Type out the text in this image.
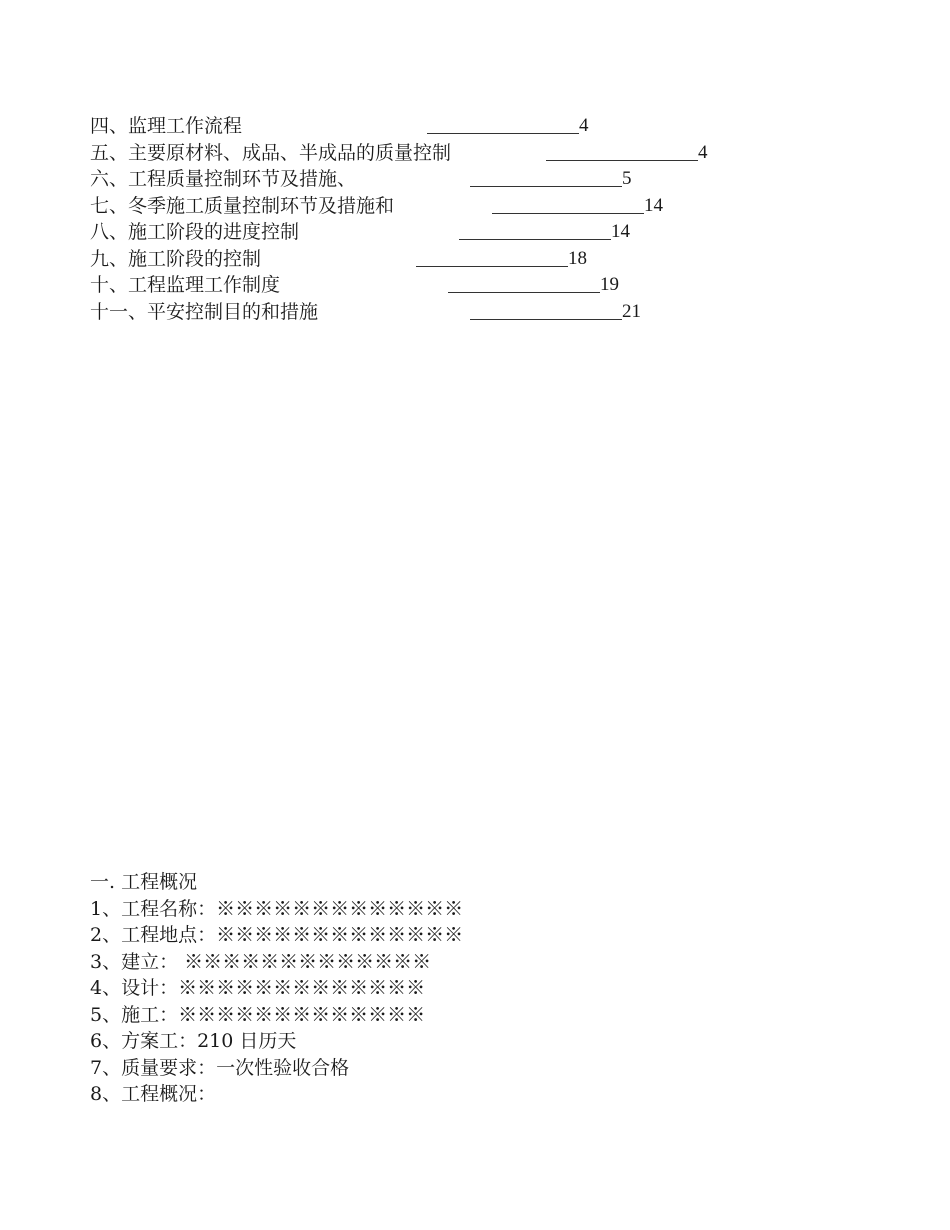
四、监理工作流程	4
五、主要原材料、成品、半成品的质量控制	4
六、工程质量控制环节及措施、	5
七、冬季施工质量控制环节及措施和	14
八、施工阶段的进度控制	14
九、施工阶段的控制	18
十、工程监理工作制度	19
十一、平安控制目的和措施	21
一. 工程概况
1、工程名称：※※※※※※※※※※※※※
2、工程地点：※※※※※※※※※※※※※
3、建立： ※※※※※※※※※※※※※
4、设计：※※※※※※※※※※※※※
5、施工：※※※※※※※※※※※※※
6、方案工：210 日历天
7、质量要求：一次性验收合格
8、工程概况：
